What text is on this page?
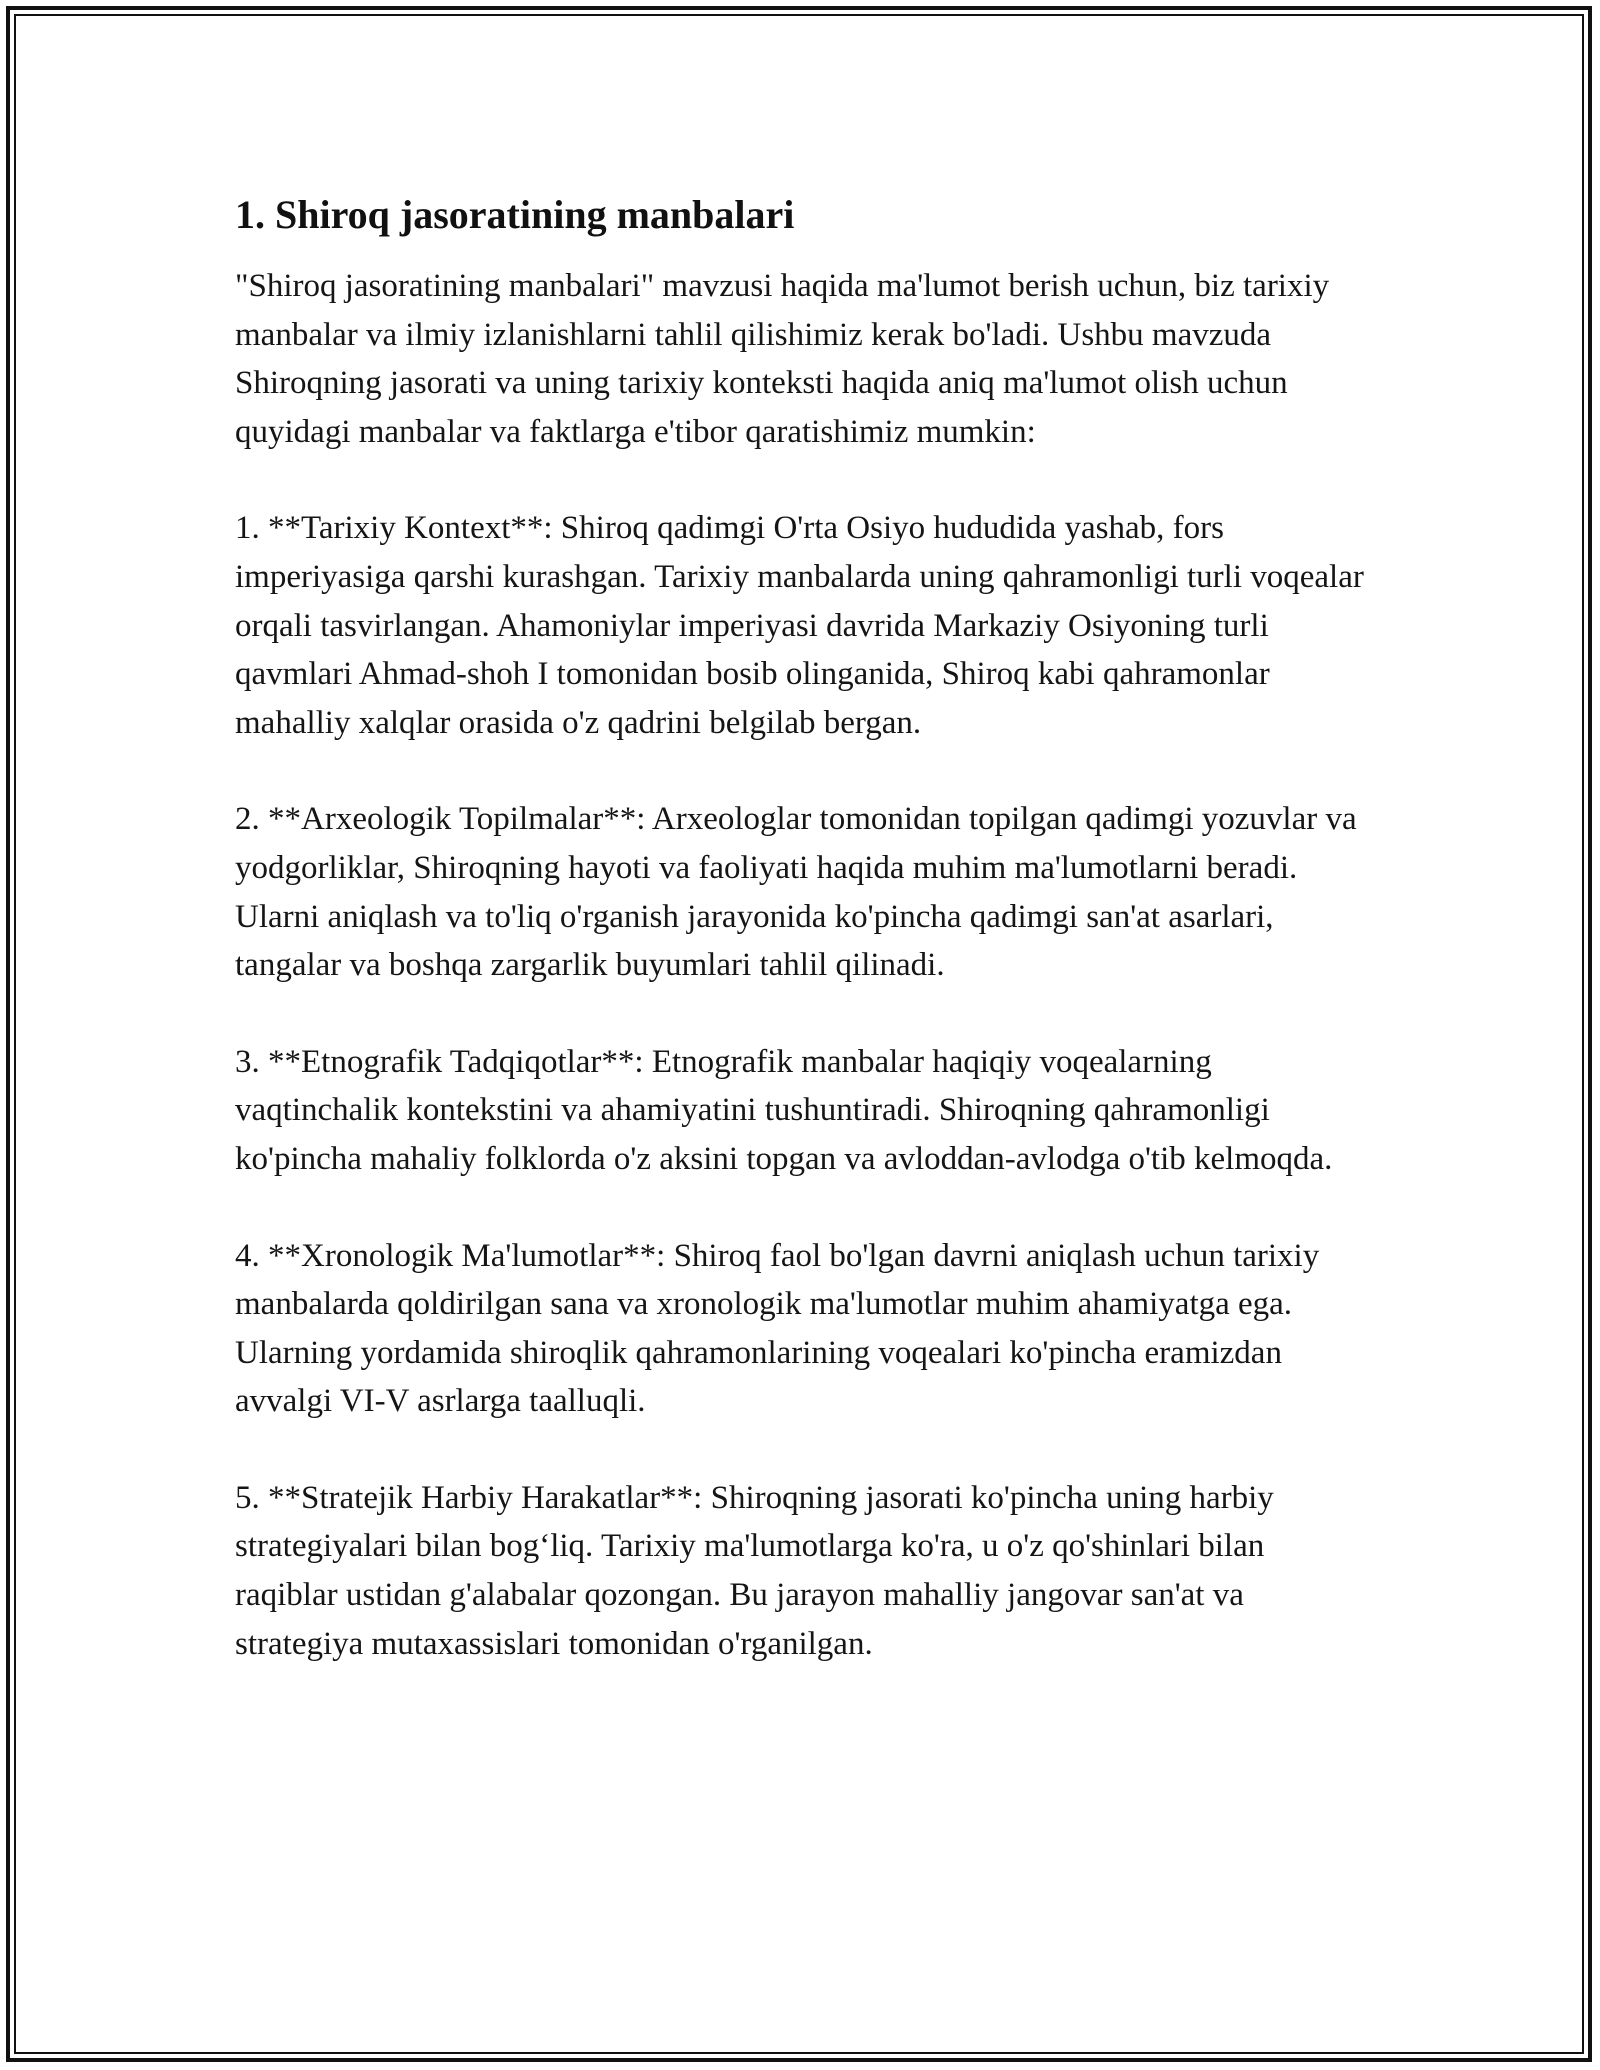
1. Shiroq jasoratining manbalari

"Shiroq jasoratining manbalari" mavzusi haqida ma'lumot berish uchun, biz tarixiy manbalar va ilmiy izlanishlarni tahlil qilishimiz kerak bo'ladi. Ushbu mavzuda Shiroqning jasorati va uning tarixiy konteksti haqida aniq ma'lumot olish uchun quyidagi manbalar va faktlarga e'tibor qaratishimiz mumkin:

1. **Tarixiy Kontext**: Shiroq qadimgi O'rta Osiyo hududida yashab, fors imperiyasiga qarshi kurashgan. Tarixiy manbalarda uning qahramonligi turli voqealar orqali tasvirlangan. Ahamoniylar imperiyasi davrida Markaziy Osiyoning turli qavmlari Ahmad-shoh I tomonidan bosib olinganida, Shiroq kabi qahramonlar mahalliy xalqlar orasida o'z qadrini belgilab bergan.

2. **Arxeologik Topilmalar**: Arxeologlar tomonidan topilgan qadimgi yozuvlar va yodgorliklar, Shiroqning hayoti va faoliyati haqida muhim ma'lumotlarni beradi. Ularni aniqlash va to'liq o'rganish jarayonida ko'pincha qadimgi san'at asarlari, tangalar va boshqa zargarlik buyumlari tahlil qilinadi.

3. **Etnografik Tadqiqotlar**: Etnografik manbalar haqiqiy voqealarning vaqtinchalik kontekstini va ahamiyatini tushuntiradi. Shiroqning qahramonligi ko'pincha mahaliy folklorda o'z aksini topgan va avloddan-avlodga o'tib kelmoqda.

4. **Xronologik Ma'lumotlar**: Shiroq faol bo'lgan davrni aniqlash uchun tarixiy manbalarda qoldirilgan sana va xronologik ma'lumotlar muhim ahamiyatga ega. Ularning yordamida shiroqlik qahramonlarining voqealari ko'pincha eramizdan avvalgi VI-V asrlarga taalluqli.

5. **Stratejik Harbiy Harakatlar**: Shiroqning jasorati ko'pincha uning harbiy strategiyalari bilan bog‘liq. Tarixiy ma'lumotlarga ko'ra, u o'z qo'shinlari bilan raqiblar ustidan g'alabalar qozongan. Bu jarayon mahalliy jangovar san'at va strategiya mutaxassislari tomonidan o'rganilgan.
